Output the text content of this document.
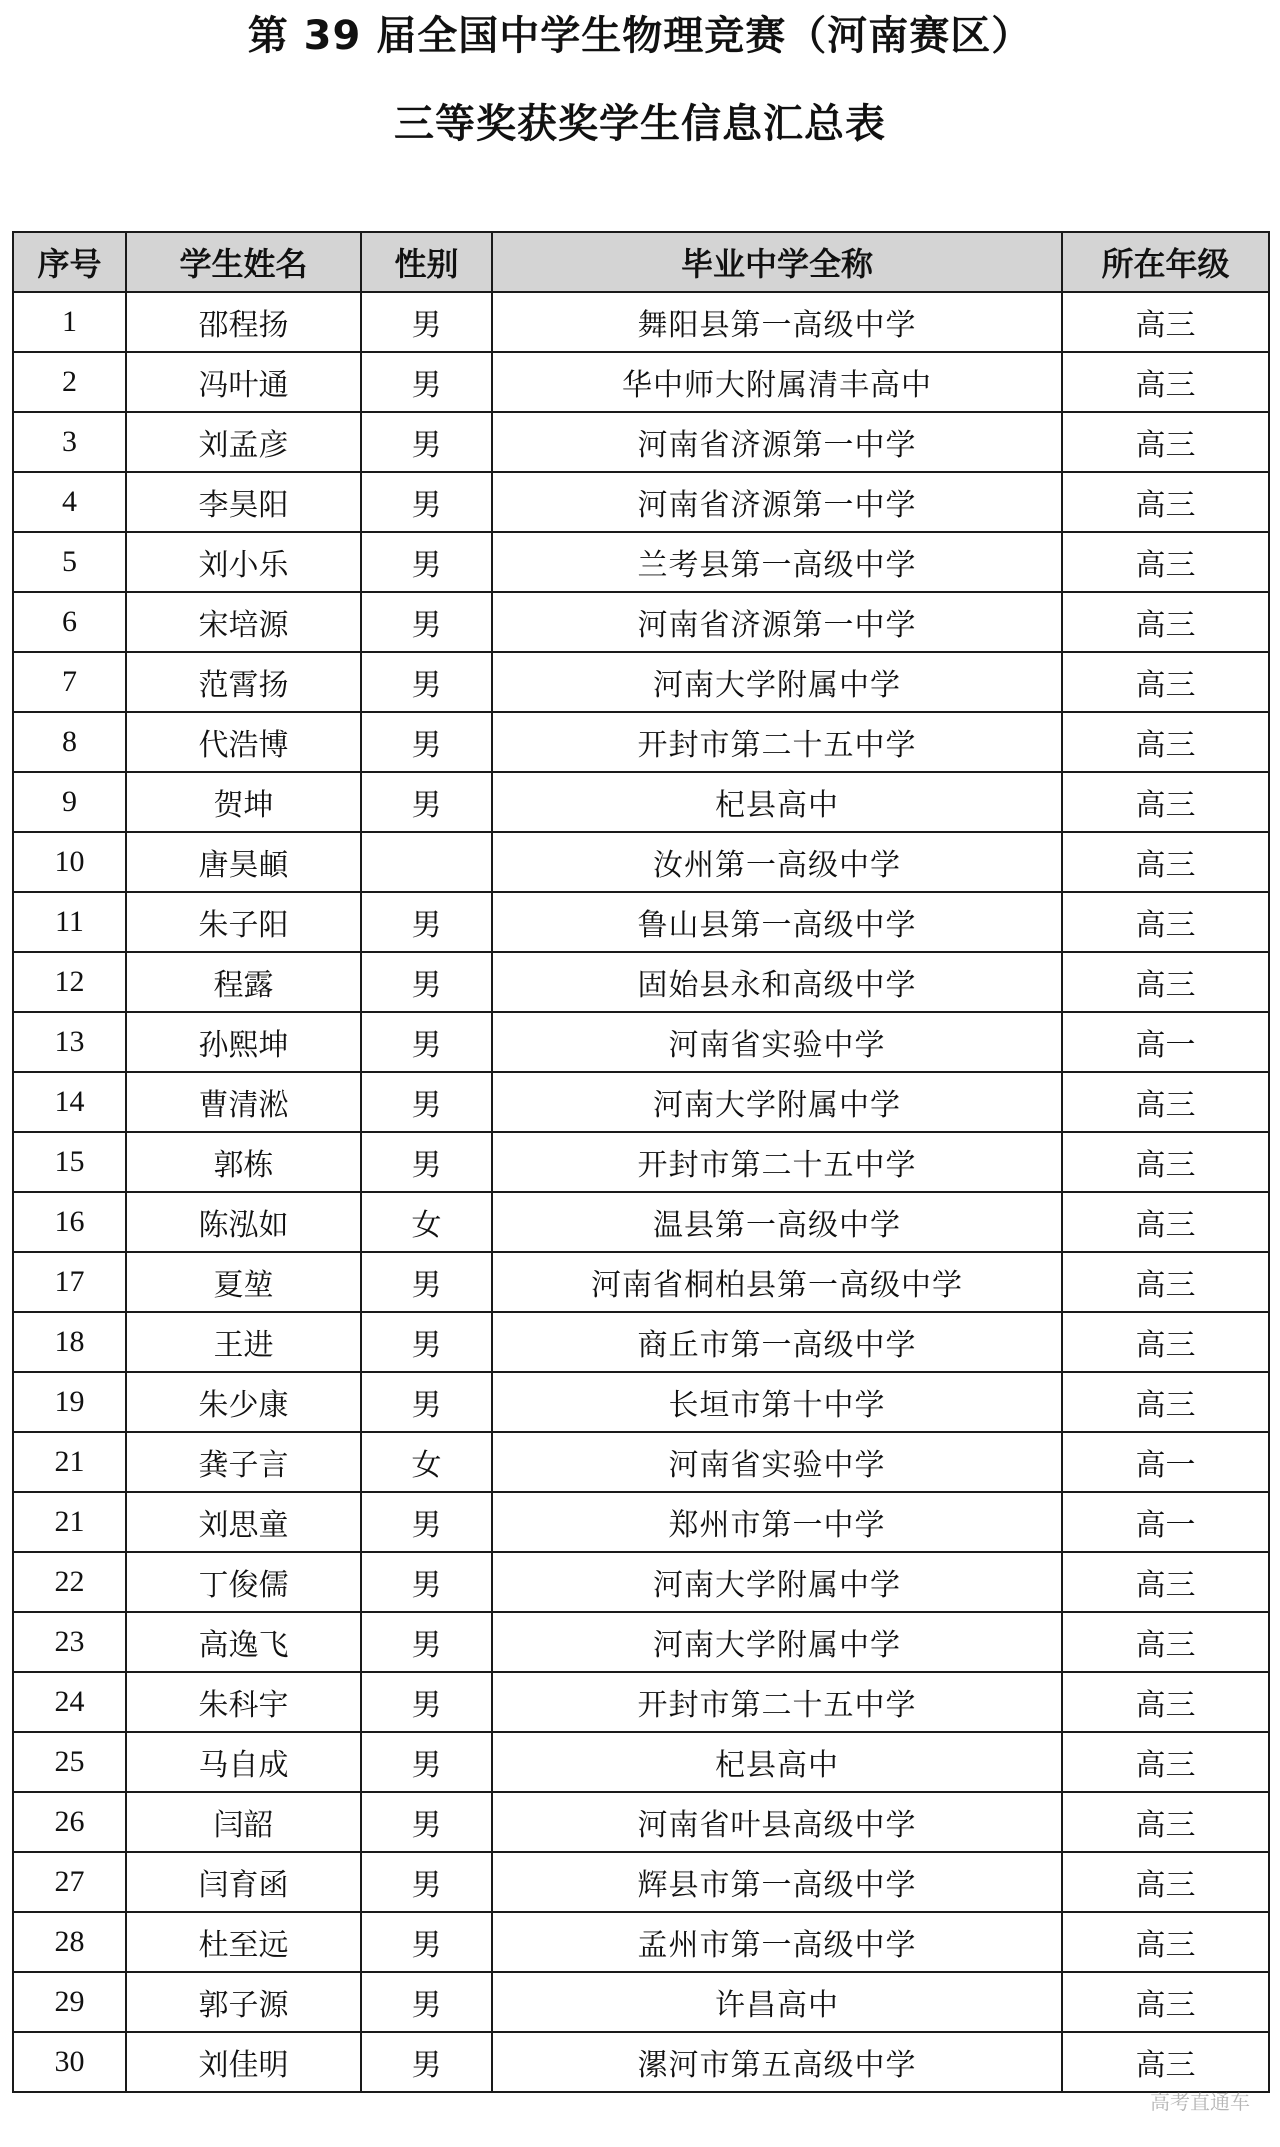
第 39 届全国中学生物理竞赛（河南赛区）
三等奖获奖学生信息汇总表
序号	学生姓名	性别	毕业中学全称	所在年级
1	邵程扬	男	舞阳县第一高级中学	高三
2	冯叶通	男	华中师大附属清丰高中	高三
3	刘孟彦	男	河南省济源第一中学	高三
4	李昊阳	男	河南省济源第一中学	高三
5	刘小乐	男	兰考县第一高级中学	高三
6	宋培源	男	河南省济源第一中学	高三
7	范霄扬	男	河南大学附属中学	高三
8	代浩博	男	开封市第二十五中学	高三
9	贺坤	男	杞县高中	高三
10	唐昊頔		汝州第一高级中学	高三
11	朱子阳	男	鲁山县第一高级中学	高三
12	程露	男	固始县永和高级中学	高三
13	孙熙坤	男	河南省实验中学	高一
14	曹清淞	男	河南大学附属中学	高三
15	郭栋	男	开封市第二十五中学	高三
16	陈泓如	女	温县第一高级中学	高三
17	夏堃	男	河南省桐柏县第一高级中学	高三
18	王进	男	商丘市第一高级中学	高三
19	朱少康	男	长垣市第十中学	高三
21	龚子言	女	河南省实验中学	高一
21	刘思童	男	郑州市第一中学	高一
22	丁俊儒	男	河南大学附属中学	高三
23	高逸飞	男	河南大学附属中学	高三
24	朱科宇	男	开封市第二十五中学	高三
25	马自成	男	杞县高中	高三
26	闫韶	男	河南省叶县高级中学	高三
27	闫育函	男	辉县市第一高级中学	高三
28	杜至远	男	孟州市第一高级中学	高三
29	郭子源	男	许昌高中	高三
30	刘佳明	男	漯河市第五高级中学	高三
高考直通车
